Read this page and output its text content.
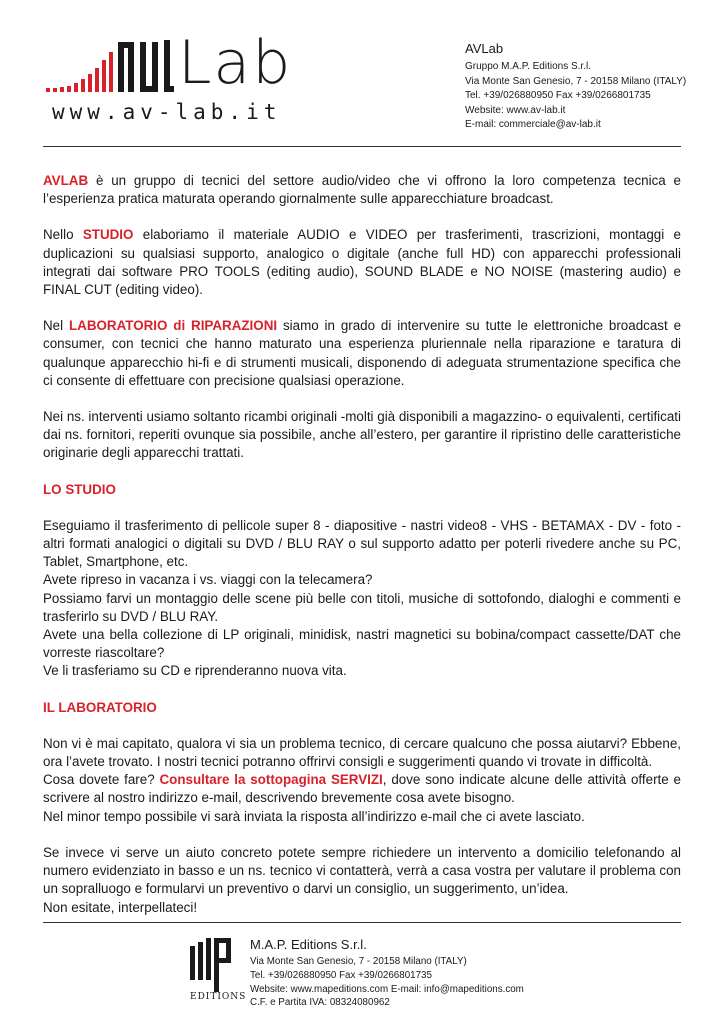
Lab
www.av-lab.it
AVLab
Gruppo M.A.P. Editions S.r.l.
Via Monte San Genesio, 7 - 20158 Milano (ITALY)
Tel. +39/026880950 Fax +39/0266801735
Website: www.av-lab.it
E-mail: commerciale@av-lab.it

AVLAB è un gruppo di tecnici del settore audio/video che vi offrono la loro competenza tecnica e l’esperienza pratica maturata operando giornalmente sulle apparecchiature broadcast.

Nello STUDIO elaboriamo il materiale AUDIO e VIDEO per trasferimenti, trascrizioni, montaggi e duplicazioni su qualsiasi supporto, analogico o digitale (anche full HD) con apparecchi professionali integrati dai software PRO TOOLS (editing audio), SOUND BLADE e NO NOISE (mastering audio) e FINAL CUT (editing video).

Nel LABORATORIO di RIPARAZIONI siamo in grado di intervenire su tutte le elettroniche broadcast e consumer, con tecnici che hanno maturato una esperienza pluriennale nella riparazione e taratura di qualunque apparecchio hi-fi e di strumenti musicali, disponendo di adeguata strumentazione specifica che ci consente di effettuare con precisione qualsiasi operazione.

Nei ns. interventi usiamo soltanto ricambi originali -molti già disponibili a magazzino- o equivalenti, certificati dai ns. fornitori, reperiti ovunque sia possibile, anche all’estero, per garantire il ripristino delle caratteristiche originarie degli apparecchi trattati.

LO STUDIO

Eseguiamo il trasferimento di pellicole super 8 - diapositive - nastri video8 - VHS - BETAMAX - DV - foto - altri formati analogici o digitali su DVD / BLU RAY o sul supporto adatto per poterli rivedere anche su PC, Tablet, Smartphone, etc.

Avete ripreso in vacanza i vs. viaggi con la telecamera?

Possiamo farvi un montaggio delle scene più belle con titoli, musiche di sottofondo, dialoghi e commenti e trasferirlo su DVD / BLU RAY.

Avete una bella collezione di LP originali, minidisk, nastri magnetici su bobina/compact cassette/DAT che vorreste riascoltare?

Ve li trasferiamo su CD e riprenderanno nuova vita.

IL LABORATORIO

Non vi è mai capitato, qualora vi sia un problema tecnico, di cercare qualcuno che possa aiutarvi? Ebbene, ora l’avete trovato. I nostri tecnici potranno offrirvi consigli e suggerimenti quando vi trovate in difficoltà.

Cosa dovete fare? Consultare la sottopagina SERVIZI, dove sono indicate alcune delle attività offerte e scrivere al nostro indirizzo e-mail, descrivendo brevemente cosa avete bisogno.

Nel minor tempo possibile vi sarà inviata la risposta all’indirizzo e-mail che ci avete lasciato.

Se invece vi serve un aiuto concreto potete sempre richiedere un intervento a domicilio telefonando al numero evidenziato in basso e un ns. tecnico vi contatterà, verrà a casa vostra per valutare il problema con un sopralluogo e formularvi un preventivo o darvi un consiglio, un suggerimento, un’idea.

Non esitate, interpellateci!

EDITIONS
M.A.P. Editions S.r.l.
Via Monte San Genesio, 7 - 20158 Milano (ITALY)
Tel. +39/026880950 Fax +39/0266801735
Website: www.mapeditions.com E-mail: info@mapeditions.com
C.F. e Partita IVA: 08324080962
